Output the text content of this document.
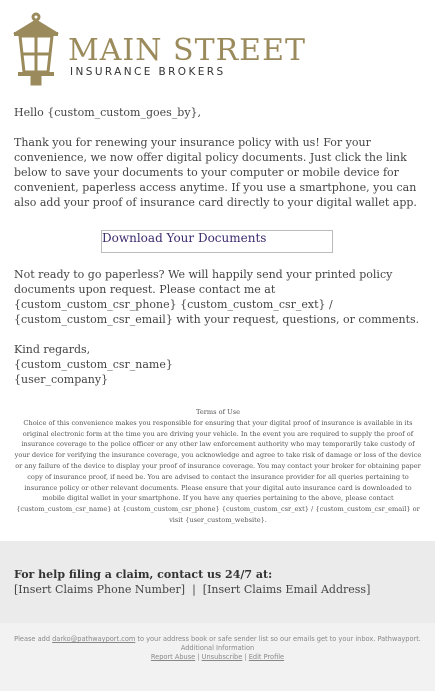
MAIN STREET
INSURANCE BROKERS
Hello {custom_custom_goes_by},
Thank you for renewing your insurance policy with us! For your convenience, we now offer digital policy documents. Just click the link below to save your documents to your computer or mobile device for convenient, paperless access anytime. If you use a smartphone, you can also add your proof of insurance card directly to your digital wallet app.
Download Your Documents
Not ready to go paperless? We will happily send your printed policy documents upon request. Please contact me at {custom_custom_csr_phone} {custom_custom_csr_ext} / {custom_custom_csr_email} with your request, questions, or comments.
Kind regards,
{custom_custom_csr_name}
{user_company}
Terms of Use
Choice of this convenience makes you responsible for ensuring that your digital proof of insurance is available in its original electronic form at the time you are driving your vehicle. In the event you are required to supply the proof of insurance coverage to the police officer or any other law enforcement authority who may temporarily take custody of your device for verifying the insurance coverage, you acknowledge and agree to take risk of damage or loss of the device or any failure of the device to display your proof of insurance coverage. You may contact your broker for obtaining paper copy of insurance proof, if need be. You are advised to contact the insurance provider for all queries pertaining to insurance policy or other relevant documents. Please ensure that your digital auto insurance card is downloaded to mobile digital wallet in your smartphone. If you have any queries pertaining to the above, please contact {custom_custom_csr_name} at {custom_custom_csr_phone} {custom_custom_csr_ext} / {custom_custom_csr_email} or visit {user_custom_website}.
For help filing a claim, contact us 24/7 at:
[Insert Claims Phone Number] | [Insert Claims Email Address]
Please add darko@pathwayport.com to your address book or safe sender list so our emails get to your inbox. Pathwayport.
Additional Information
Report Abuse | Unsubscribe | Edit Profile
